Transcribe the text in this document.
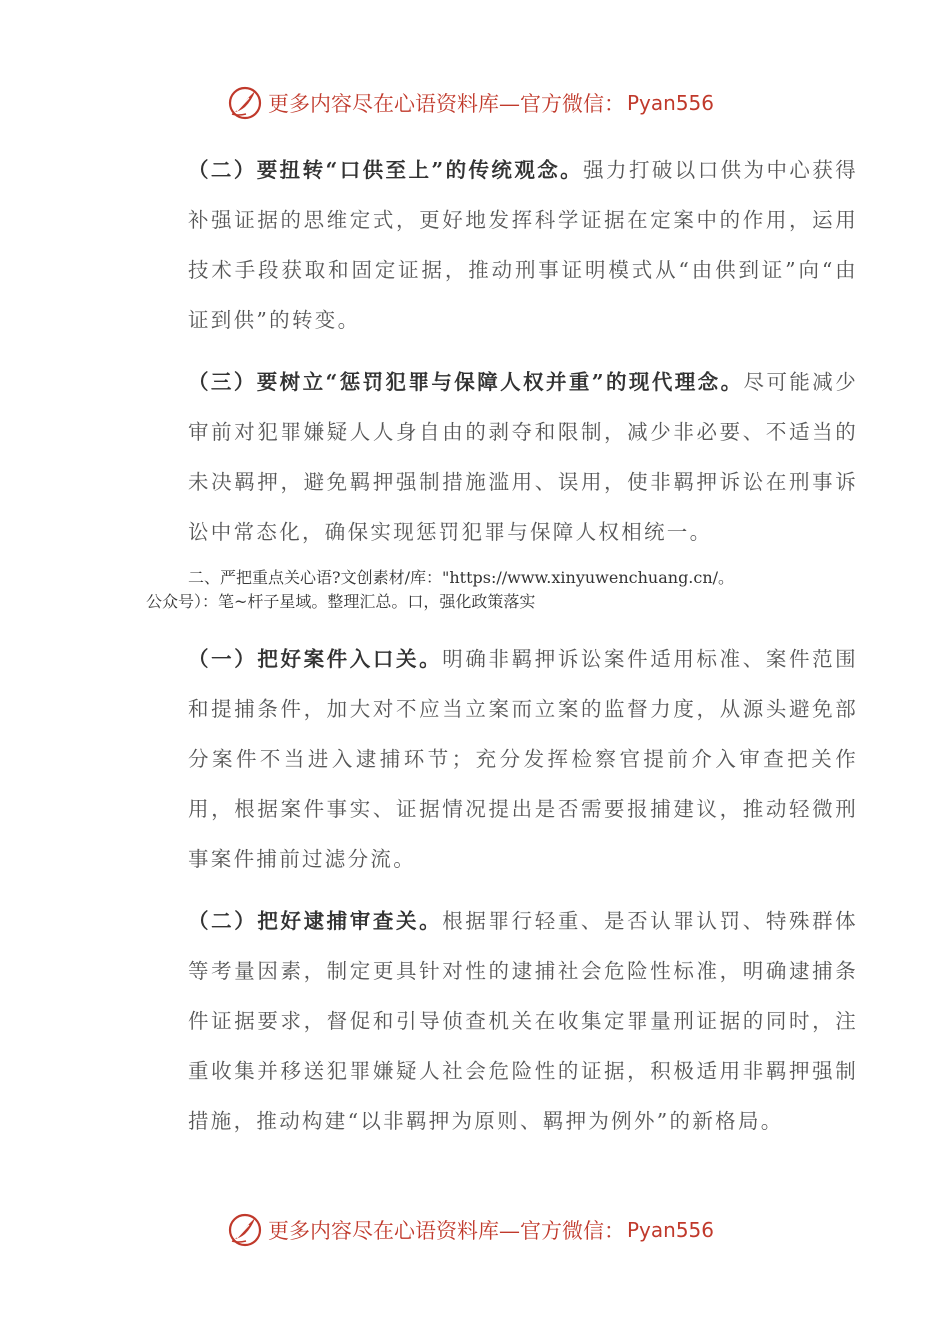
更多内容尽在心语资料库—官方微信： Pyan556
（二）要扭转“口供至上”的传统观念。强力打破以口供为中心获得补强证据的思维定式，更好地发挥科学证据在定案中的作用，运用技术手段获取和固定证据，推动刑事证明模式从“由供到证”向“由证到供”的转变。
（三）要树立“惩罚犯罪与保障人权并重”的现代理念。尽可能减少审前对犯罪嫌疑人人身自由的剥夺和限制，减少非必要、不适当的未决羁押，避免羁押强制措施滥用、误用，使非羁押诉讼在刑事诉讼中常态化，确保实现惩罚犯罪与保障人权相统一。
二、严把重点关心语?文创素材/库："https://www.xinyuwenchuang.cn/。
公众号）：笔~杆子星域。整理汇总。口，强化政策落实
（一）把好案件入口关。明确非羁押诉讼案件适用标准、案件范围和提捕条件，加大对不应当立案而立案的监督力度，从源头避免部分案件不当进入逮捕环节；充分发挥检察官提前介入审查把关作用，根据案件事实、证据情况提出是否需要报捕建议，推动轻微刑事案件捕前过滤分流。
（二）把好逮捕审查关。根据罪行轻重、是否认罪认罚、特殊群体等考量因素，制定更具针对性的逮捕社会危险性标准，明确逮捕条件证据要求，督促和引导侦查机关在收集定罪量刑证据的同时，注重收集并移送犯罪嫌疑人社会危险性的证据，积极适用非羁押强制措施，推动构建“以非羁押为原则、羁押为例外”的新格局。
更多内容尽在心语资料库—官方微信： Pyan556
